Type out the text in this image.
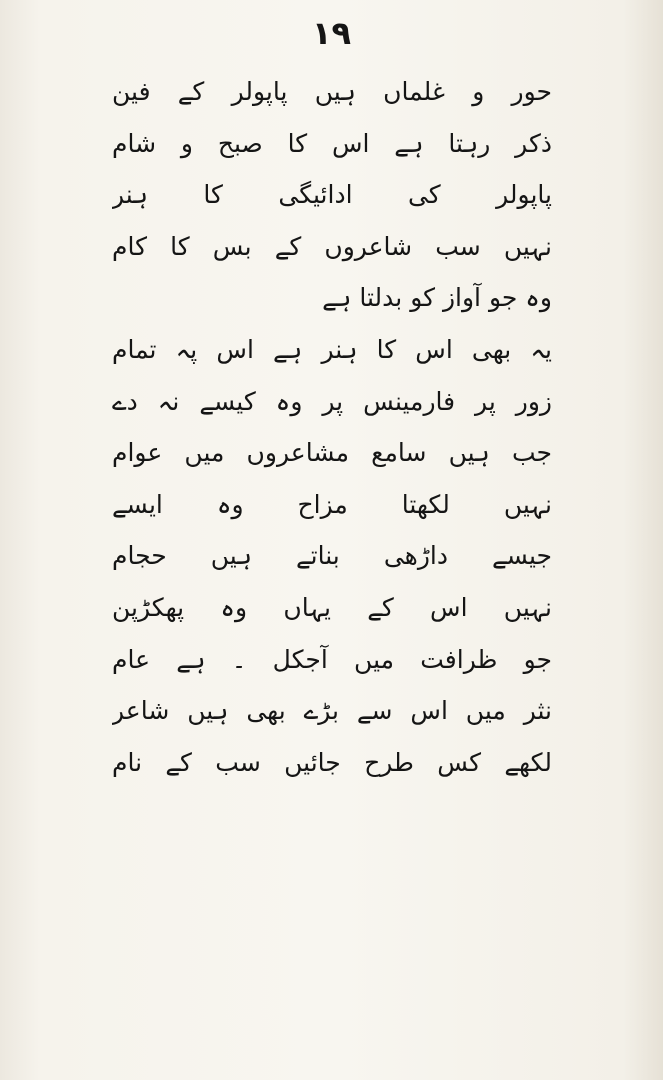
۱۹
حور و غلماں ہیں پاپولر کے فین
ذکر رہتا ہے اس کا صبح و شام
پاپولر کی ادائیگی کا ہنر
نہیں سب شاعروں کے بس کا کام
وہ جو آواز کو بدلتا ہے
یہ بھی اس کا ہنر ہے اس پہ تمام
زور پر فارمینس پر وہ کیسے نہ دے
جب ہیں سامع مشاعروں میں عوام
نہیں لکھتا مزاح وہ ایسے
جیسے داڑھی بناتے ہیں حجام
نہیں اس کے یہاں وہ پھکڑپن
جو ظرافت میں آجکل ۔ ہے عام
نثر میں اس سے بڑے بھی ہیں شاعر
لکھے کس طرح جائیں سب کے نام
